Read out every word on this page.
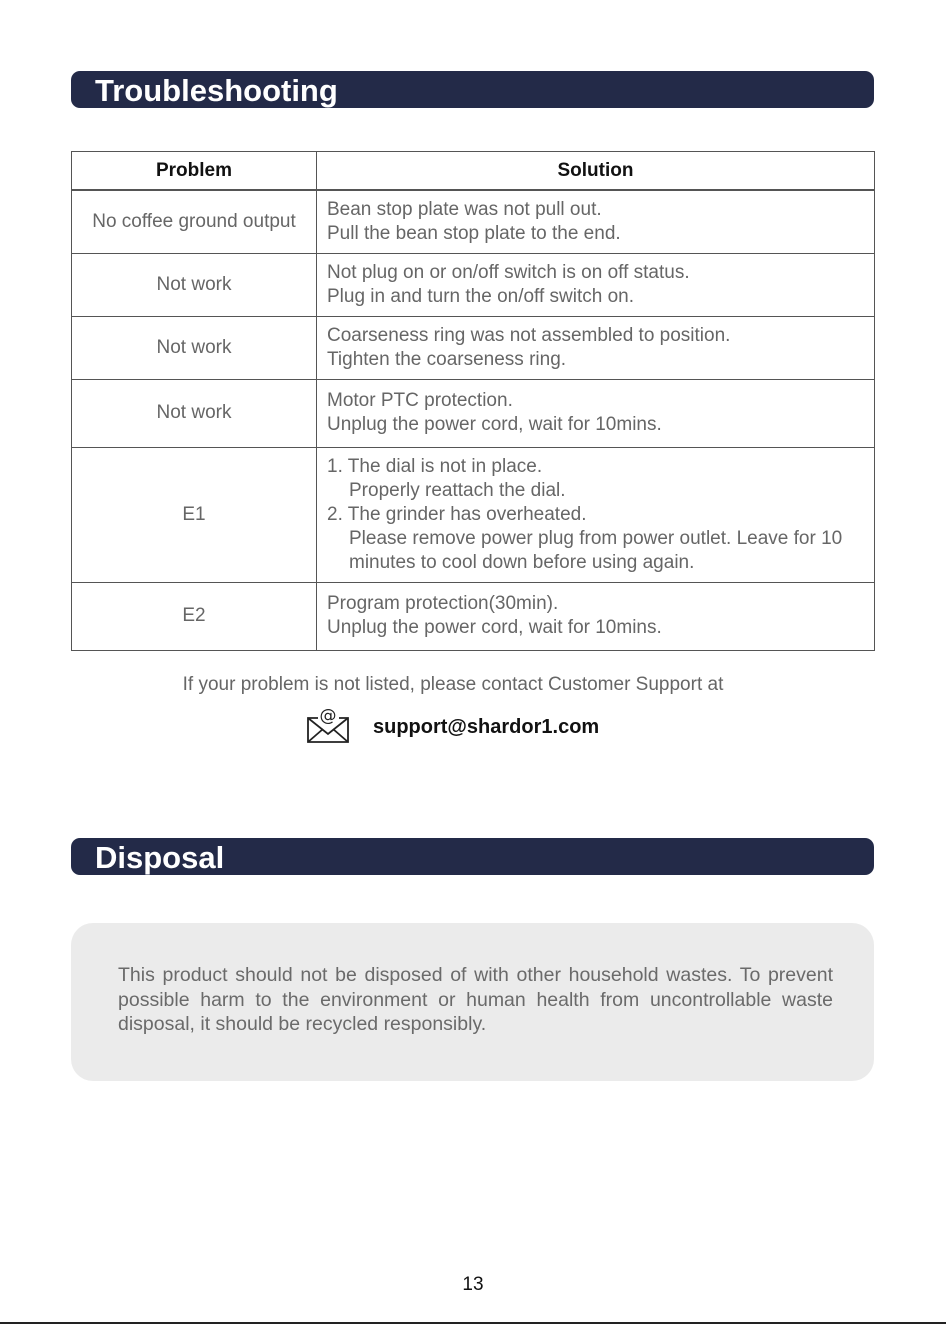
Troubleshooting
Problem	Solution
No coffee ground output	Bean stop plate was not pull out.
Pull the bean stop plate to the end.

Not work	Not plug on or on/off switch is on off status.
Plug in and turn the on/off switch on.

Not work	Coarseness ring was not assembled to position.
Tighten the coarseness ring.

Not work	Motor PTC protection.
Unplug the power cord, wait for 10mins.

E1	1. The dial is not in place.
Properly reattach the dial.
2. The grinder has overheated.
Please remove power plug from power outlet. Leave for 10 minutes to cool down before using again.

E2	Program protection(30min).
Unplug the power cord, wait for 10mins.
If your problem is not listed, please contact Customer Support at
@ support@shardor1.com
Disposal
This product should not be disposed of with other household wastes. To prevent possible harm to the environment or human health from uncontrollable waste disposal, it should be recycled responsibly.
13
